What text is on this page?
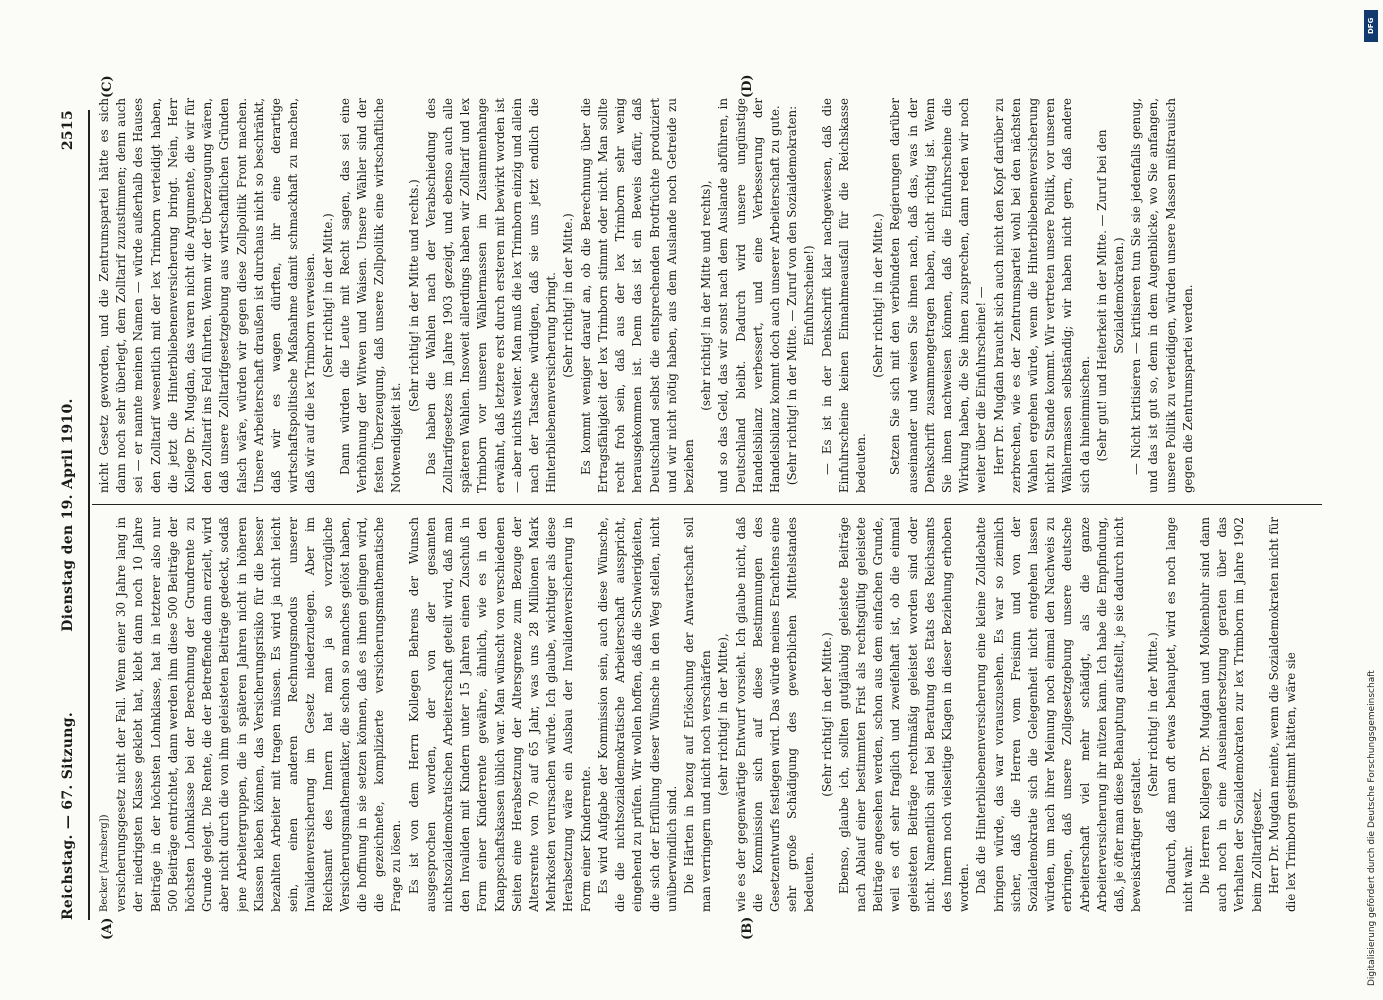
Reichstag. — 67. Sitzung.
Dienstag den 19. April 1910.
2515
(A)	(B)
(C)	(D)

Becker [Arnsberg]) versicherungsgesetz nicht der Fall. Wenn einer 30 Jahre lang in der niedrigsten Klasse geklebt hat, klebt dann noch 10 Jahre Beiträge in der höchsten Lohnklasse, hat in letzterer also nur 500 Beiträge entrichtet, dann werden ihm diese 500 Beiträge der höchsten Lohnklasse bei der Berechnung der Grundrente zu Grunde gelegt. Die Rente, die der Betreffende dann erzielt, wird aber nicht durch die von ihm geleisteten Beiträge gedeckt, sodaß jene Arbeitergruppen, die in späteren Jahren nicht in höheren Klassen kleben können, das Versicherungsrisiko für die besser bezahlten Arbeiter mit tragen müssen. Es wird ja nicht leicht sein, einen anderen Rechnungsmodus unserer Invalidenversicherung im Gesetz niederzulegen. Aber im Reichsamt des Innern hat man ja so vorzügliche Versicherungsmathematiker, die schon so manches gelöst haben, die hoffnung in sie setzen können, daß es ihnen gelingen wird, die gezeichnete, komplizierte versicherungsmathematische Frage zu lösen. Es ist von dem Herrn Kollegen Behrens der Wunsch ausgesprochen worden, der von der gesamten nichtsozialdemokratischen Arbeiterschaft geteilt wird, daß man den Invaliden mit Kindern unter 15 Jahren einen Zuschuß in Form einer Kinderrente gewähre, ähnlich, wie es in den Knappschaftskassen üblich war. Man wünscht von verschiedenen Seiten eine Herabsetzung der Altersgrenze zum Bezuge der Altersrente von 70 auf 65 Jahr, was uns 28 Millionen Mark Mehrkosten verursachen würde. Ich glaube, wichtiger als diese Herabsetzung wäre ein Ausbau der Invalidenversicherung in Form einer Kinderrente. Es wird Aufgabe der Kommission sein, auch diese Wünsche, die die nichtsozialdemokratische Arbeiterschaft ausspricht, eingehend zu prüfen. Wir wollen hoffen, daß die Schwierigkeiten, die sich der Erfüllung dieser Wünsche in den Weg stellen, nicht unüberwindlich sind. Die Härten in bezug auf Erlöschung der Anwartschaft soll man verringern und nicht noch verschärfen (sehr richtig! in der Mitte), wie es der gegenwärtige Entwurf vorsieht. Ich glaube nicht, daß die Kommission sich auf diese Bestimmungen des Gesetzentwurfs festlegen wird. Das würde meines Erachtens eine sehr große Schädigung des gewerblichen Mittelstandes bedeuten.

(Sehr richtig! in der Mitte.) Ebenso, glaube ich, sollten gutgläubig geleistete Beiträge nach Ablauf einer bestimmten Frist als rechtsgültig geleistete Beiträge angesehen werden, schon aus dem einfachen Grunde, weil es oft sehr fraglich und zweifelhaft ist, ob die einmal geleisteten Beiträge rechtmäßig geleistet worden sind oder nicht. Namentlich sind bei Beratung des Etats des Reichsamts des Innern noch vielseitige Klagen in dieser Beziehung erhoben worden. Daß die Hinterbliebenenversicherung eine kleine Zolldebatte bringen würde, das war vorauszusehen. Es war so ziemlich sicher, daß die Herren vom Freisinn und von der Sozialdemokratie sich die Gelegenheit nicht entgehen lassen würden, um nach ihrer Meinung noch einmal den Nachweis zu erbringen, daß unsere Zollgesetzgebung unsere deutsche Arbeiterschaft viel mehr schädigt, als die ganze Arbeiterversicherung ihr nützen kann. Ich habe die Empfindung, daß, je öfter man diese Behauptung aufstellt, je sie dadurch nicht beweiskräftiger gestaltet.

(Sehr richtig! in der Mitte.) Dadurch, daß man oft etwas behauptet, wird es noch lange nicht wahr. Die Herren Kollegen Dr. Mugdan und Molkenbuhr sind dann auch noch in eine Auseinandersetzung geraten über das Verhalten der Sozialdemokraten zur lex Trimborn im Jahre 1902 beim Zolltarifgesetz. Herr Dr. Mugdan meinte, wenn die Sozialdemokraten nicht für die lex Trimborn gestimmt hätten, wäre sie

nicht Gesetz geworden, und die Zentrumspartei hätte es sich dann noch sehr überlegt, dem Zolltarif zuzustimmen; denn auch sei — er nannte meinen Namen — würde außerhalb des Hauses den Zolltarif wesentlich mit der lex Trimborn verteidigt haben, die jetzt die Hinterbliebenenversicherung bringt. Nein, Herr Kollege Dr. Mugdan, das waren nicht die Argumente, die wir für den Zolltarif ins Feld führten. Wenn wir der Überzeugung wären, daß unsere Zolltarifgesetzgebung aus wirtschaftlichen Gründen falsch wäre, würden wir gegen diese Zollpolitik Front machen. Unsere Arbeiterschaft draußen ist durchaus nicht so beschränkt, daß wir es wagen dürften, ihr eine derartige wirtschaftspolitische Maßnahme damit schmackhaft zu machen, daß wir auf die lex Trimborn verweisen. (Sehr richtig! in der Mitte.) Dann würden die Leute mit Recht sagen, das sei eine Verhöhnung der Witwen und Waisen. Unsere Wähler sind der festen Überzeugung, daß unsere Zollpolitik eine wirtschaftliche Notwendigkeit ist.

(Sehr richtig! in der Mitte und rechts.) Das haben die Wahlen nach der Verabschiedung des Zolltarifgesetzes im Jahre 1903 gezeigt, und ebenso auch alle späteren Wahlen. Insoweit allerdings haben wir Zolltarif und lex Trimborn vor unseren Wählermassen im Zusammenhange erwähnt, daß letztere erst durch ersteren mit bewirkt worden ist — aber nichts weiter. Man muß die lex Trimborn einzig und allein nach der Tatsache würdigen, daß sie uns jetzt endlich die Hinterbliebenenversicherung bringt. (Sehr richtig! in der Mitte.) Es kommt weniger darauf an, ob die Berechnung über die Ertragsfähigkeit der lex Trimborn stimmt oder nicht. Man sollte recht froh sein, daß aus der lex Trimborn sehr wenig herausgekommen ist. Denn das ist ein Beweis dafür, daß Deutschland selbst die entsprechenden Brotfrüchte produziert und wir nicht nötig haben, aus dem Auslande noch Getreide zu beziehen

(sehr richtig! in der Mitte und rechts), und so das Geld, das wir sonst nach dem Auslande abführen, in Deutschland bleibt. Dadurch wird unsere ungünstige Handelsbilanz verbessert, und eine Verbesserung der Handelsbilanz kommt doch auch unserer Arbeiterschaft zu gute. (Sehr richtig! in der Mitte. — Zuruf von den Sozialdemokraten: Einfuhrscheine!) — Es ist in der Denkschrift klar nachgewiesen, daß die Einfuhrscheine keinen Einnahmeausfall für die Reichskasse bedeuten.

(Sehr richtig! in der Mitte.) Setzen Sie sich mit den verbündeten Regierungen darüber auseinander und weisen Sie ihnen nach, daß das, was in der Denkschrift zusammengetragen haben, nicht richtig ist. Wenn Sie ihnen nachweisen können, daß die Einfuhrscheine die Wirkung haben, die Sie ihnen zusprechen, dann reden wir noch weiter über die Einfuhrscheine! — Herr Dr. Mugdan braucht sich auch nicht den Kopf darüber zu zerbrechen, wie es der Zentrumspartei wohl bei den nächsten Wahlen ergehen würde, wenn die Hinterbliebenenversicherung nicht zu Stande kommt. Wir vertreten unsere Politik, vor unseren Wählermassen selbständig; wir haben nicht gern, daß andere sich da hineinmischen. (Sehr gut! und Heiterkeit in der Mitte. — Zuruf bei den Sozialdemokraten.) — Nicht kritisieren — kritisieren tun Sie sie jedenfalls genug, und das ist gut so, denn in dem Augenblicke, wo Sie anfangen, unsere Politik zu verteidigen, würden unsere Massen mißtrauisch gegen die Zentrumspartei werden.

DFG
Digitalisierung gefördert durch die Deutsche Forschungsgemeinschaft
